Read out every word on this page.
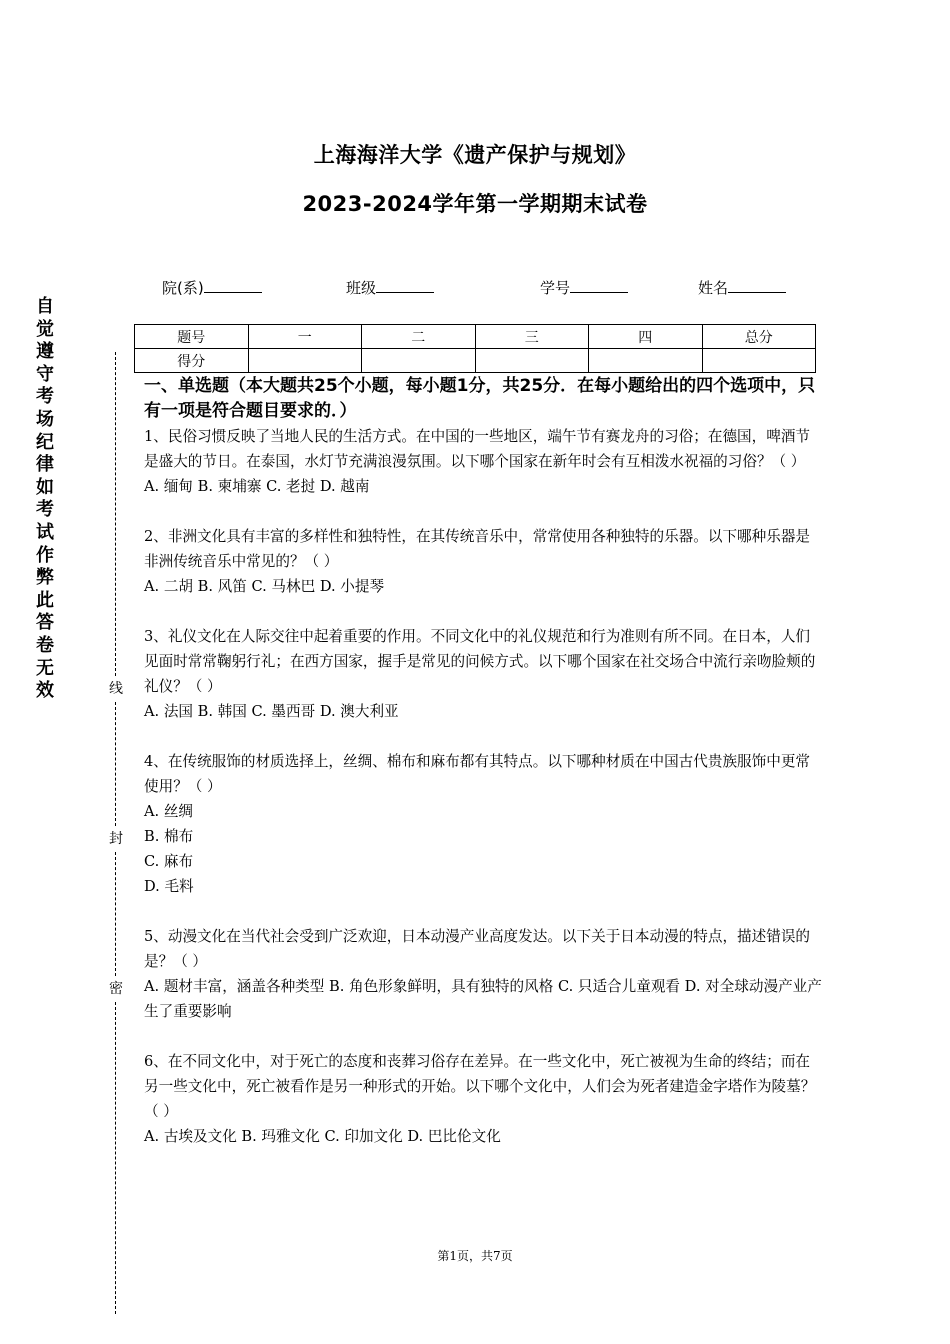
上海海洋大学《遗产保护与规划》
2023-2024学年第一学期期末试卷
院(系)	班级	学号	姓名
题号	一	二	三	四	总分
得分					
自觉遵守考场纪律如考试作弊此答卷无效	线
封
密
一、单选题（本大题共25个小题，每小题1分，共25分．在每小题给出的四个选项中，只有一项是符合题目要求的．）

1、民俗习惯反映了当地人民的生活方式。在中国的一些地区，端午节有赛龙舟的习俗；在德国，啤酒节是盛大的节日。在泰国，水灯节充满浪漫氛围。以下哪个国家在新年时会有互相泼水祝福的习俗？（ ）

A. 缅甸 B. 柬埔寨 C. 老挝 D. 越南

2、非洲文化具有丰富的多样性和独特性，在其传统音乐中，常常使用各种独特的乐器。以下哪种乐器是非洲传统音乐中常见的？（ ）

A. 二胡 B. 风笛 C. 马林巴 D. 小提琴

3、礼仪文化在人际交往中起着重要的作用。不同文化中的礼仪规范和行为准则有所不同。在日本，人们见面时常常鞠躬行礼；在西方国家，握手是常见的问候方式。以下哪个国家在社交场合中流行亲吻脸颊的礼仪？（ ）

A. 法国 B. 韩国 C. 墨西哥 D. 澳大利亚

4、在传统服饰的材质选择上，丝绸、棉布和麻布都有其特点。以下哪种材质在中国古代贵族服饰中更常使用？（ ）

A. 丝绸

B. 棉布

C. 麻布

D. 毛料

5、动漫文化在当代社会受到广泛欢迎，日本动漫产业高度发达。以下关于日本动漫的特点，描述错误的是？（ ）

A. 题材丰富，涵盖各种类型 B. 角色形象鲜明，具有独特的风格 C. 只适合儿童观看 D. 对全球动漫产业产生了重要影响

6、在不同文化中，对于死亡的态度和丧葬习俗存在差异。在一些文化中，死亡被视为生命的终结；而在另一些文化中，死亡被看作是另一种形式的开始。以下哪个文化中，人们会为死者建造金字塔作为陵墓？（ ）

A. 古埃及文化 B. 玛雅文化 C. 印加文化 D. 巴比伦文化

第1页，共7页
